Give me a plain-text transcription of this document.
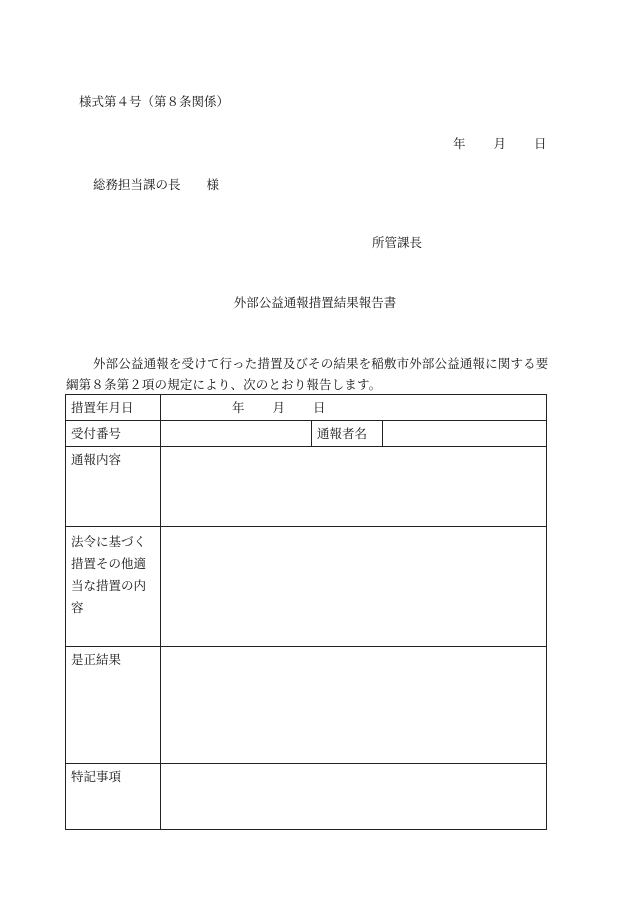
様式第４号（第８条関係）
年 月 日
総務担当課の長 様
所管課長
外部公益通報措置結果報告書
外部公益通報を受けて行った措置及びその結果を稲敷市外部公益通報に関する要綱第８条第２項の規定により、次のとおり報告します。
措置年月日	年 月 日		
受付番号		通報者名	
通報内容			
法令に基づく措置その他適当な措置の内容			
是正結果			
特記事項			
